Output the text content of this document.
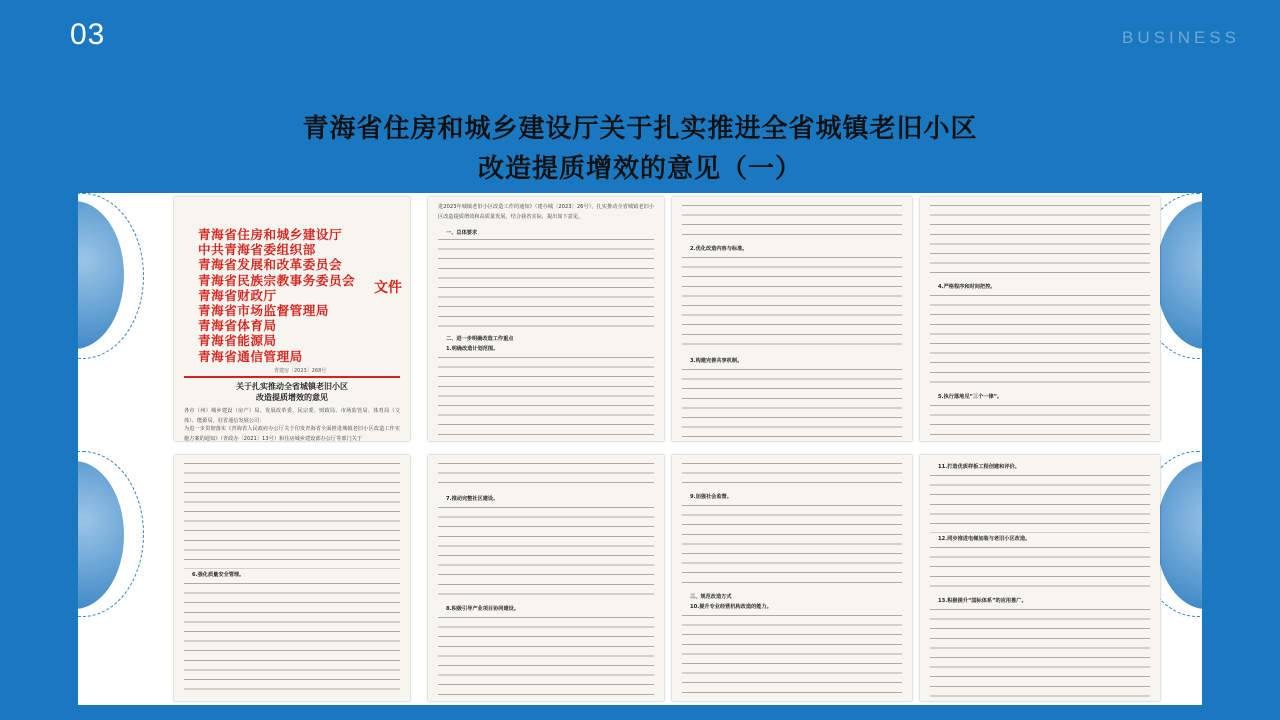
03	BUSINESS
青海省住房和城乡建设厅关于扎实推进全省城镇老旧小区
改造提质增效的意见（一）
青海省住房和城乡建设厅
中共青海省委组织部
青海省发展和改革委员会
青海省民族宗教事务委员会
青海省财政厅
青海省市场监督管理局
青海省体育局
青海省能源局
青海省通信管理局
文件
青建房〔2023〕268号
关于扎实推动全省城镇老旧小区
改造提质增效的意见
各市（州）城乡建设（房产）局、发展改革委、民宗委、财政局、市场监管局、体育局（文体）、能源局，驻省通信发展公司：
为进一步贯彻落实《青海省人民政府办公厅关于印发青海省全面推进城镇老旧小区改造工作实施方案的通知》（青政办〔2021〕13号）和住房城乡建设部办公厅等部门关于
进2023年城镇老旧小区改造工作的通知》（建办城〔2023〕26号），扎实推动全省城镇老旧小区改造提质增效和高质量发展，结合我省实际，提出如下意见。
一、总体要求
二、进一步明确改造工作重点
1.明确改造计划范围。
2.优化改造内容与标准。
3.构建完善共享机制。
4.严格程序和时间把控。
5.执行落地见“三个一律”。
6.强化质量安全管理。
7.推动完整社区建设。
8.积极引导产业项目协同建设。
9.加强社会监督。
三、规范改造方式
10.提升专业经营机构改造的能力。
11.打造优质样板工程创建和评价。
12.同步推进电梯加装与老旧小区改造。
13.积极提升“国标体系”的应用推广。
